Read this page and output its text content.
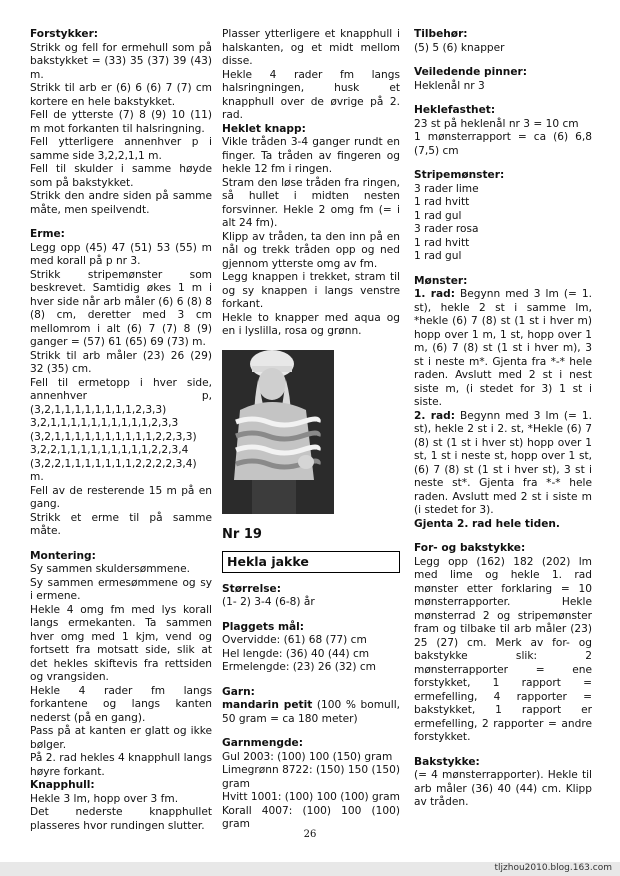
Forstykker:

Strikk og fell for ermehull som på bakstykket = (33) 35 (37) 39 (43) m.

Strikk til arb er (6) 6 (6) 7 (7) cm kortere en hele bakstykket.

Fell de ytterste (7) 8 (9) 10 (11) m mot forkanten til halsringning.

Fell ytterligere annenhver p i samme side 3,2,2,1,1 m.

Fell til skulder i samme høyde som på bakstykket.

Strikk den andre siden på samme måte, men speilvendt.

Erme:

Legg opp (45) 47 (51) 53 (55) m med korall på p nr 3.

Strikk stripemønster som beskrevet. Samtidig økes 1 m i hver side når arb måler (6) 6 (8) 8 (8) cm, deretter med 3 cm mellomrom i alt (6) 7 (7) 8 (9) ganger = (57) 61 (65) 69 (73) m.

Strikk til arb måler (23) 26 (29) 32 (35) cm.

Fell til ermetopp i hver side, annenhver p, (3,2,1,1,1,1,1,1,1,1,2,3,3) 3,2,1,1,1,1,1,1,1,1,1,1,2,3,3 (3,2,1,1,1,1,1,1,1,1,1,1,2,2,3,3) 3,2,2,1,1,1,1,1,1,1,1,1,2,2,3,4 (3,2,2,1,1,1,1,1,1,1,2,2,2,2,3,4) m.

Fell av de resterende 15 m på en gang.

Strikk et erme til på samme måte.

Montering:

Sy sammen skuldersømmene.

Sy sammen ermesømmene og sy i ermene.

Hekle 4 omg fm med lys korall langs ermekanten. Ta sammen hver omg med 1 kjm, vend og fortsett fra motsatt side, slik at det hekles skiftevis fra rettsiden og vrangsiden.

Hekle 4 rader fm langs forkantene og langs kanten nederst (på en gang).

Pass på at kanten er glatt og ikke bølger.

På 2. rad hekles 4 knapphull langs høyre forkant.

Knapphull:

Hekle 3 lm, hopp over 3 fm.

Det nederste knapphullet plasseres hvor rundingen slutter.

Plasser ytterligere et knapphull i halskanten, og et midt mellom disse.

Hekle 4 rader fm langs halsringningen, husk et knapphull over de øvrige på 2. rad.

Heklet knapp:

Vikle tråden 3-4 ganger rundt en finger. Ta tråden av fingeren og hekle 12 fm i ringen.

Stram den løse tråden fra ringen, så hullet i midten nesten forsvinner. Hekle 2 omg fm (= i alt 24 fm).

Klipp av tråden, ta den inn på en nål og trekk tråden opp og ned gjennom ytterste omg av fm.

Legg knappen i trekket, stram til og sy knappen i langs venstre forkant.

Hekle to knapper med aqua og en i lyslilla, rosa og grønn.

Nr 19
Hekla jakke
Størrelse:

(1- 2) 3-4 (6-8) år

Plaggets mål:

Overvidde: (61) 68 (77) cm

Hel lengde: (36) 40 (44) cm

Ermelengde: (23) 26 (32) cm

Garn:

mandarin petit (100 % bomull, 50 gram = ca 180 meter)

Garnmengde:

Gul 2003: (100) 100 (150) gram

Limegrønn 8722: (150) 150 (150) gram

Hvitt 1001: (100) 100 (100) gram

Korall 4007: (100) 100 (100) gram

Tilbehør:

(5) 5 (6) knapper

Veiledende pinner:

Heklenål nr 3

Heklefasthet:

23 st på heklenål nr 3 = 10 cm

1 mønsterrapport = ca (6) 6,8 (7,5) cm

Stripemønster:

3 rader lime

1 rad hvitt

1 rad gul

3 rader rosa

1 rad hvitt

1 rad gul

Mønster:

1. rad: Begynn med 3 lm (= 1. st), hekle 2 st i samme lm, *hekle (6) 7 (8) st (1 st i hver m) hopp over 1 m, 1 st, hopp over 1 m, (6) 7 (8) st (1 st i hver m), 3 st i neste m*. Gjenta fra *-* hele raden. Avslutt med 2 st i nest siste m, (i stedet for 3) 1 st i siste.

2. rad: Begynn med 3 lm (= 1. st), hekle 2 st i 2. st, *Hekle (6) 7 (8) st (1 st i hver st) hopp over 1 st, 1 st i neste st, hopp over 1 st, (6) 7 (8) st (1 st i hver st), 3 st i neste st*. Gjenta fra *-* hele raden. Avslutt med 2 st i siste m (i stedet for 3).

Gjenta 2. rad hele tiden.

For- og bakstykke:

Legg opp (162) 182 (202) lm med lime og hekle 1. rad mønster etter forklaring = 10 mønsterrapporter. Hekle mønsterrad 2 og stripemønster fram og tilbake til arb måler (23) 25 (27) cm. Merk av for- og bakstykke slik: 2 mønsterrapporter = ene forstykket, 1 rapport = ermefelling, 4 rapporter = bakstykket, 1 rapport er ermefelling, 2 rapporter = andre forstykket.

Bakstykke:

(= 4 mønsterrapporter). Hekle til arb måler (36) 40 (44) cm. Klipp av tråden.

26
tljzhou2010.blog.163.com
